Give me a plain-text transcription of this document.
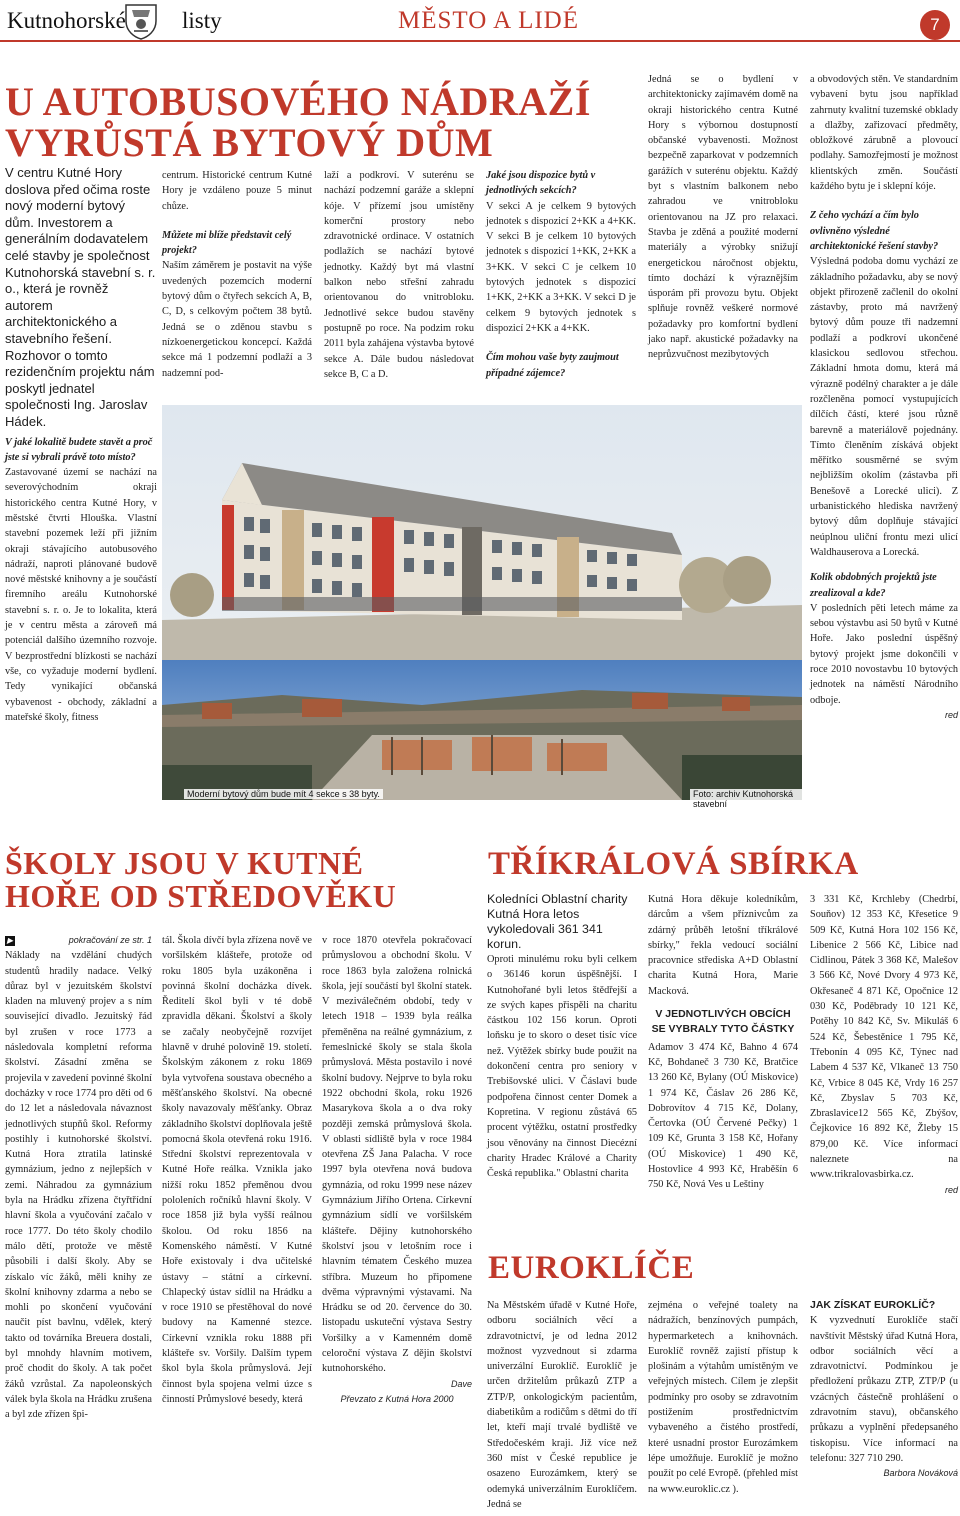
Kutnohorské listy	MĚSTO A LIDÉ	7
U AUTOBUSOVÉHO NÁDRAŽÍ
VYRŮSTÁ BYTOVÝ DŮM
V centru Kutné Hory doslova před očima roste nový moderní bytový dům. Investorem a generálním dodavatelem celé stavby je společnost Kutnohorská stavební s. r. o., která je rovněž autorem architektonického a stavebního řešení. Rozhovor o tomto rezidenčním projektu nám poskytl jednatel společnosti Ing. Jaroslav Hádek.
V jaké lokalitě budete stavět a proč jste si vybrali právě toto místo?
Zastavované území se nachází na severovýchodním okraji historického centra Kutné Hory, v městské čtvrti Hlouška. Vlastní stavební pozemek leží při jižním okraji stávajícího autobusového nádraží, naproti plánované budově nové městské knihovny a je součástí firemního areálu Kutnohorské stavební s. r. o. Je to lokalita, která je v centru města a zároveň má potenciál dalšího územního rozvoje. V bezprostřední blízkosti se nachází vše, co vyžaduje moderní bydlení. Tedy vynikající občanská vybavenost - obchody, základní a mateřské školy, fitness

centrum. Historické centrum Kutné Hory je vzdáleno pouze 5 minut chůze.

Můžete mi blíže představit celý projekt?

Naším záměrem je postavit na výše uvedených pozemcích moderní bytový dům o čtyřech sekcích A, B, C, D, s celkovým počtem 38 bytů. Jedná se o zděnou stavbu s nízkoenergetickou koncepcí. Každá sekce má 1 podzemní podlaží a 3 nadzemní pod-

laží a podkroví. V suterénu se nachází podzemní garáže a sklepní kóje. V přízemí jsou umístěny komerční prostory nebo zdravotnické ordinace. V ostatních podlažích se nachází bytové jednotky. Každý byt má vlastní balkon nebo střešní zahradu orientovanou do vnitrobloku. Jednotlivé sekce budou stavěny postupně po roce. Na podzim roku 2011 byla zahájena výstavba bytové sekce A. Dále budou následovat sekce B, C a D.

Jaké jsou dispozice bytů v jednotlivých sekcích?

V sekci A je celkem 9 bytových jednotek s dispozicí 2+KK a 4+KK. V sekci B je celkem 10 bytových jednotek s dispozicí 1+KK, 2+KK a 3+KK. V sekci C je celkem 10 bytových jednotek s dispozicí 1+KK, 2+KK a 3+KK. V sekci D je celkem 9 bytových jednotek s dispozicí 2+KK a 4+KK.

Čím mohou vaše byty zaujmout případné zájemce?

Jedná se o bydlení v architektonicky zajímavém domě na okraji historického centra Kutné Hory s výbornou dostupností občanské vybavenosti. Možnost bezpečně zaparkovat v podzemních garážích v suterénu objektu. Každý byt s vlastním balkonem nebo zahradou ve vnitrobloku orientovanou na JZ pro relaxaci. Stavba je zděná a použité moderní materiály a výrobky snižují energetickou náročnost objektu, tímto dochází k výraznějším úsporám při provozu bytu. Objekt splňuje rovněž veškeré normové požadavky pro komfortní bydlení jako např. akustické požadavky na neprůzvučnost mezibytových

a obvodových stěn. Ve standardním vybavení bytu jsou například zahrnuty kvalitní tuzemské obklady a dlažby, zařizovací předměty, obložkové zárubně a plovoucí podlahy. Samozřejmostí je možnost klientských změn. Součástí každého bytu je i sklepní kóje.

Z čeho vychází a čím bylo ovlivněno výsledné architektonické řešení stavby?

Výsledná podoba domu vychází ze základního požadavku, aby se nový objekt přirozeně začlenil do okolní zástavby, proto má navržený bytový dům pouze tři nadzemní podlaží a podkroví ukončené klasickou sedlovou střechou. Základní hmota domu, která má výrazně podélný charakter a je dále rozčleněna pomocí vystupujících dílčích částí, které jsou různě barevně a materiálově pojednány. Tímto členěním získává objekt měřítko sousměrné se svým nejbližším okolím (zástavba při Benešově a Lorecké ulici). Z urbanistického hlediska navržený bytový dům doplňuje stávající neúplnou uliční frontu mezi ulicí Waldhauserova a Lorecká.

Kolik obdobných projektů jste zrealizoval a kde?

V posledních pěti letech máme za sebou výstavbu asi 50 bytů v Kutné Hoře. Jako poslední úspěšný bytový projekt jsme dokončili v roce 2010 novostavbu 10 bytových jednotek na náměstí Národního odboje.

red

Moderní bytový dům bude mít 4 sekce s 38 byty.	Foto: archiv Kutnohorská stavební
ŠKOLY JSOU V KUTNÉ
HOŘE OD STŘEDOVĚKU

▶	pokračování ze str. 1

Náklady na vzdělání chudých studentů hradily nadace. Velký důraz byl v jezuitském školství kladen na mluvený projev a s ním související divadlo. Jezuitský řád byl zrušen v roce 1773 a následovala kompletní reforma školství. Zásadní změna se projevila v zavedení povinné školní docházky v roce 1774 pro děti od 6 do 12 let a následovala návaznost jednotlivých stupňů škol. Reformy postihly i kutnohorské školství. Kutná Hora ztratila latinské gymnázium, jedno z nejlepších v zemi. Náhradou za gymnázium byla na Hrádku zřízena čtyřtřídní hlavní škola a vyučování začalo v roce 1777. Do této školy chodilo málo dětí, protože ve městě působili i další školy. Aby se získalo víc žáků, měli knihy ze školní knihovny zdarma a nebo se mohli po skončení vyučování naučit píst bavlnu, vdělek, který takto od továrníka Breuera dostali, byl mnohdy hlavním motivem, proč chodit do školy. A tak počet žáků vzrůstal. Za napoleonských válek byla škola na Hrádku zrušena a byl zde zřízen špi-

tál. Škola dívčí byla zřízena nově ve voršilském klášteře, protože od roku 1805 byla uzákoněna i povinná školní docházka dívek. Ředitelí škol byli v té době zpravidla děkani. Školství a školy se začaly neobyčejně rozvíjet hlavně v druhé polovině 19. století. Školským zákonem z roku 1869 byla vytvořena soustava obecného a měšťanského školství. Na obecné školy navazovaly měšťanky. Obraz základního školství doplňovala ještě pomocná škola otevřená roku 1916. Střední školství reprezentovala v Kutné Hoře reálka. Vznikla jako nižší roku 1852 přeměnou dvou pololeních ročníků hlavní školy. V roce 1858 již byla vyšší reálnou školou. Od roku 1856 na Komenského náměstí. V Kutné Hoře existovaly i dva učitelské ústavy – státní a církevní. Chlapecký ústav sídlil na Hrádku a v roce 1910 se přestěhoval do nové budovy na Kamenné stezce. Církevní vznikla roku 1888 při klášteře sv. Voršily. Dalším typem škol byla škola průmyslová. Její činnost byla spojena velmi úzce s činností Průmyslové besedy, která

v roce 1870 otevřela pokračovací průmyslovou a obchodní školu. V roce 1863 byla založena rolnická škola, její součástí byl školní statek. V meziválečném období, tedy v letech 1918 – 1939 byla reálka přeměněna na reálné gymnázium, z řemeslnické školy se stala škola průmyslová. Města postavilo i nové školní budovy. Nejprve to byla roku 1922 obchodní škola, roku 1926 Masarykova škola a o dva roky později zemská průmyslová škola. V oblasti sídliště byla v roce 1984 otevřena ZŠ Jana Palacha. V roce 1997 byla otevřena nová budova gymnázia, od roku 1999 nese název Gymnázium Jiřího Ortena. Církevní gymnázium sídlí ve voršilském klášteře. Dějiny kutnohorského školství jsou v letošním roce i hlavním tématem Českého muzea stříbra. Muzeum ho připomene dvěma výpravnými výstavami. Na Hrádku se od 20. července do 30. listopadu uskuteční výstava Sestry Voršilky a v Kamenném domě celoroční výstava Z dějin školství kutnohorského.

Dave

Převzato z Kutná Hora 2000

TŘÍKRÁLOVÁ SBÍRKA
Koledníci Oblastní charity Kutná Hora letos vykoledovali 361 341 korun.
Oproti minulému roku byli celkem o 36146 korun úspěšnější. I Kutnohořané byli letos štědřejší a ze svých kapes přispěli na charitu částkou 102 156 korun. Oproti loňsku je to skoro o deset tisíc více než. Výtěžek sbírky bude použit na dokončení centra pro seniory v Trebišovské ulici. V Čáslavi bude podpořena činnost center Domek a Kopretina. V regionu zůstává 65 procent výtěžku, ostatní prostředky jsou věnovány na činnost Diecézní charity Hradec Králové a Charity Česká republika." Oblastní charita

Kutná Hora děkuje koledníkům, dárcům a všem příznivcům za zdárný průběh letošní tříkrálové sbírky," řekla vedoucí sociální pracovnice střediska A+D Oblastní charita Kutná Hora, Marie Macková.

V JEDNOTLIVÝCH OBCÍCH SE VYBRALY TYTO ČÁSTKY

Adamov 3 474 Kč, Bahno 4 674 Kč, Bohdaneč 3 730 Kč, Bratčice 13 260 Kč, Bylany (OÚ Miskovice) 1 974 Kč, Čáslav 26 286 Kč, Dobrovítov 4 715 Kč, Dolany, Čertovka (OÚ Červené Pečky) 1 109 Kč, Grunta 3 158 Kč, Hořany (OÚ Miskovice) 1 490 Kč, Hostovlice 4 993 Kč, Hraběšín 6 750 Kč, Nová Ves u Leštiny

3 331 Kč, Krchleby (Chedrbí, Souňov) 12 353 Kč, Křesetice 9 509 Kč, Kutná Hora 102 156 Kč, Libenice 2 566 Kč, Libice nad Cidlinou, Pátek 3 368 Kč, Malešov 3 566 Kč, Nové Dvory 4 973 Kč, Okřesaneč 4 871 Kč, Opočnice 12 030 Kč, Poděbrady 10 121 Kč, Potěhy 10 842 Kč, Sv. Mikuláš 6 524 Kč, Šebestěnice 1 795 Kč, Třebonín 4 095 Kč, Týnec nad Labem 4 537 Kč, Vlkaneč 13 750 Kč, Vrbice 8 045 Kč, Vrdy 16 257 Kč, Zbyslav 5 703 Kč, Zbraslavice12 565 Kč, Zbýšov, Čejkovice 16 892 Kč, Žleby 15 879,00 Kč. Více informací naleznete na www.trikralovasbirka.cz.

red

EUROKLÍČE

Na Městském úřadě v Kutné Hoře, odboru sociálních věcí a zdravotnictví, je od ledna 2012 možnost vyzvednout si zdarma univerzální Euroklíč. Euroklíč je určen držitelům průkazů ZTP a ZTP/P, onkologickým pacientům, diabetikům a rodičům s dětmi do tří let, kteří mají trvalé bydliště ve Středočeském kraji. Již více než 360 míst v České republice je osazeno Eurozámkem, který se odemyká univerzálním Euroklíčem. Jedná se

zejména o veřejné toalety na nádražích, benzínových pumpách, hypermarketech a knihovnách. Euroklíč rovněž zajistí přístup k plošinám a výtahům umístěným ve veřejných místech. Cílem je zlepšit podmínky pro osoby se zdravotním postižením prostřednictvím vybaveného a čistého prostředí, které usnadní prostor Eurozámkem lépe umožňuje. Euroklíč je možno použít po celé Evropě. (přehled míst na www.euroklic.cz ).

JAK ZÍSKAT EUROKLÍČ?

K vyzvednutí Euroklíče stačí navštívit Městský úřad Kutná Hora, odbor sociálních věcí a zdravotnictví. Podmínkou je předložení průkazu ZTP, ZTP/P (u vzácných částečně prohlášení o zdravotním stavu), občanského průkazu a vyplnění předepsaného tiskopisu. Více informací na telefonu: 327 710 290.

Barbora Nováková
